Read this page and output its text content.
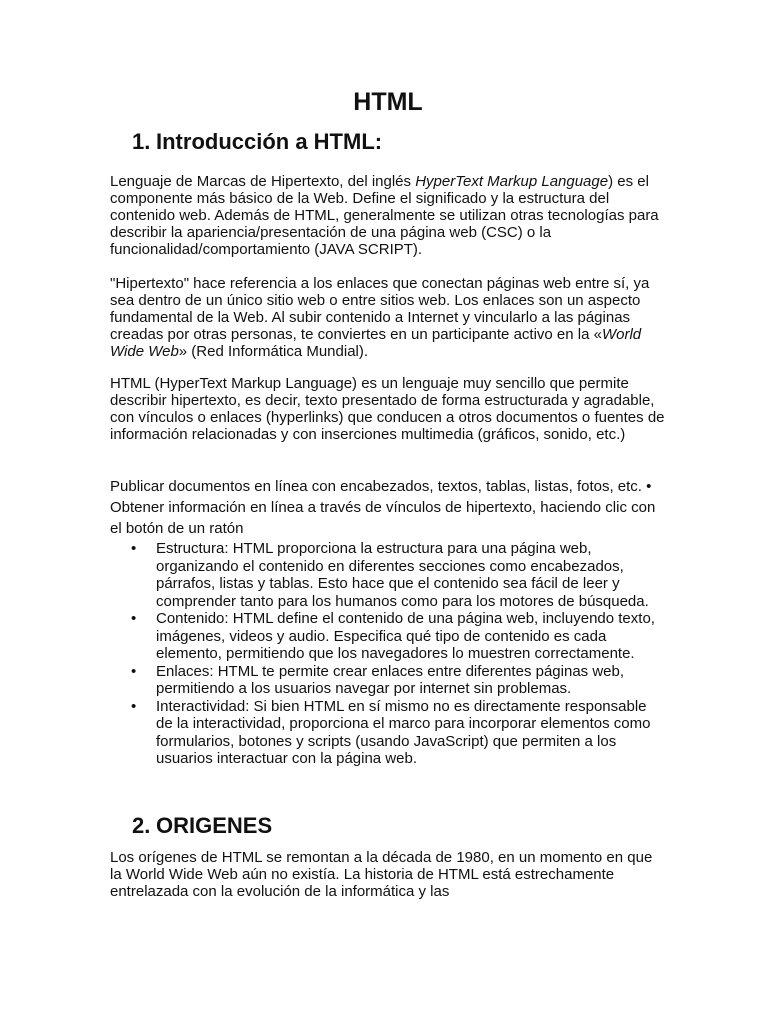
HTML
1. Introducción a HTML:

Lenguaje de Marcas de Hipertexto, del inglés HyperText Markup Language) es el componente más básico de la Web. Define el significado y la estructura del contenido web. Además de HTML, generalmente se utilizan otras tecnologías para describir la apariencia/presentación de una página web (CSC) o la funcionalidad/comportamiento (JAVA SCRIPT).

"Hipertexto" hace referencia a los enlaces que conectan páginas web entre sí, ya sea dentro de un único sitio web o entre sitios web. Los enlaces son un aspecto fundamental de la Web. Al subir contenido a Internet y vincularlo a las páginas creadas por otras personas, te conviertes en un participante activo en la «World Wide Web» (Red Informática Mundial).

HTML (HyperText Markup Language) es un lenguaje muy sencillo que permite describir hipertexto, es decir, texto presentado de forma estructurada y agradable, con vínculos o enlaces (hyperlinks) que conducen a otros documentos o fuentes de información relacionadas y con inserciones multimedia (gráficos, sonido, etc.)

Publicar documentos en línea con encabezados, textos, tablas, listas, fotos, etc. • Obtener información en línea a través de vínculos de hipertexto, haciendo clic con el botón de un ratón

• Estructura: HTML proporciona la estructura para una página web, organizando el contenido en diferentes secciones como encabezados, párrafos, listas y tablas. Esto hace que el contenido sea fácil de leer y comprender tanto para los humanos como para los motores de búsqueda.
• Contenido: HTML define el contenido de una página web, incluyendo texto, imágenes, videos y audio. Especifica qué tipo de contenido es cada elemento, permitiendo que los navegadores lo muestren correctamente.
• Enlaces: HTML te permite crear enlaces entre diferentes páginas web, permitiendo a los usuarios navegar por internet sin problemas.
• Interactividad: Si bien HTML en sí mismo no es directamente responsable de la interactividad, proporciona el marco para incorporar elementos como formularios, botones y scripts (usando JavaScript) que permiten a los usuarios interactuar con la página web.
2. ORIGENES

Los orígenes de HTML se remontan a la década de 1980, en un momento en que la World Wide Web aún no existía. La historia de HTML está estrechamente entrelazada con la evolución de la informática y las
